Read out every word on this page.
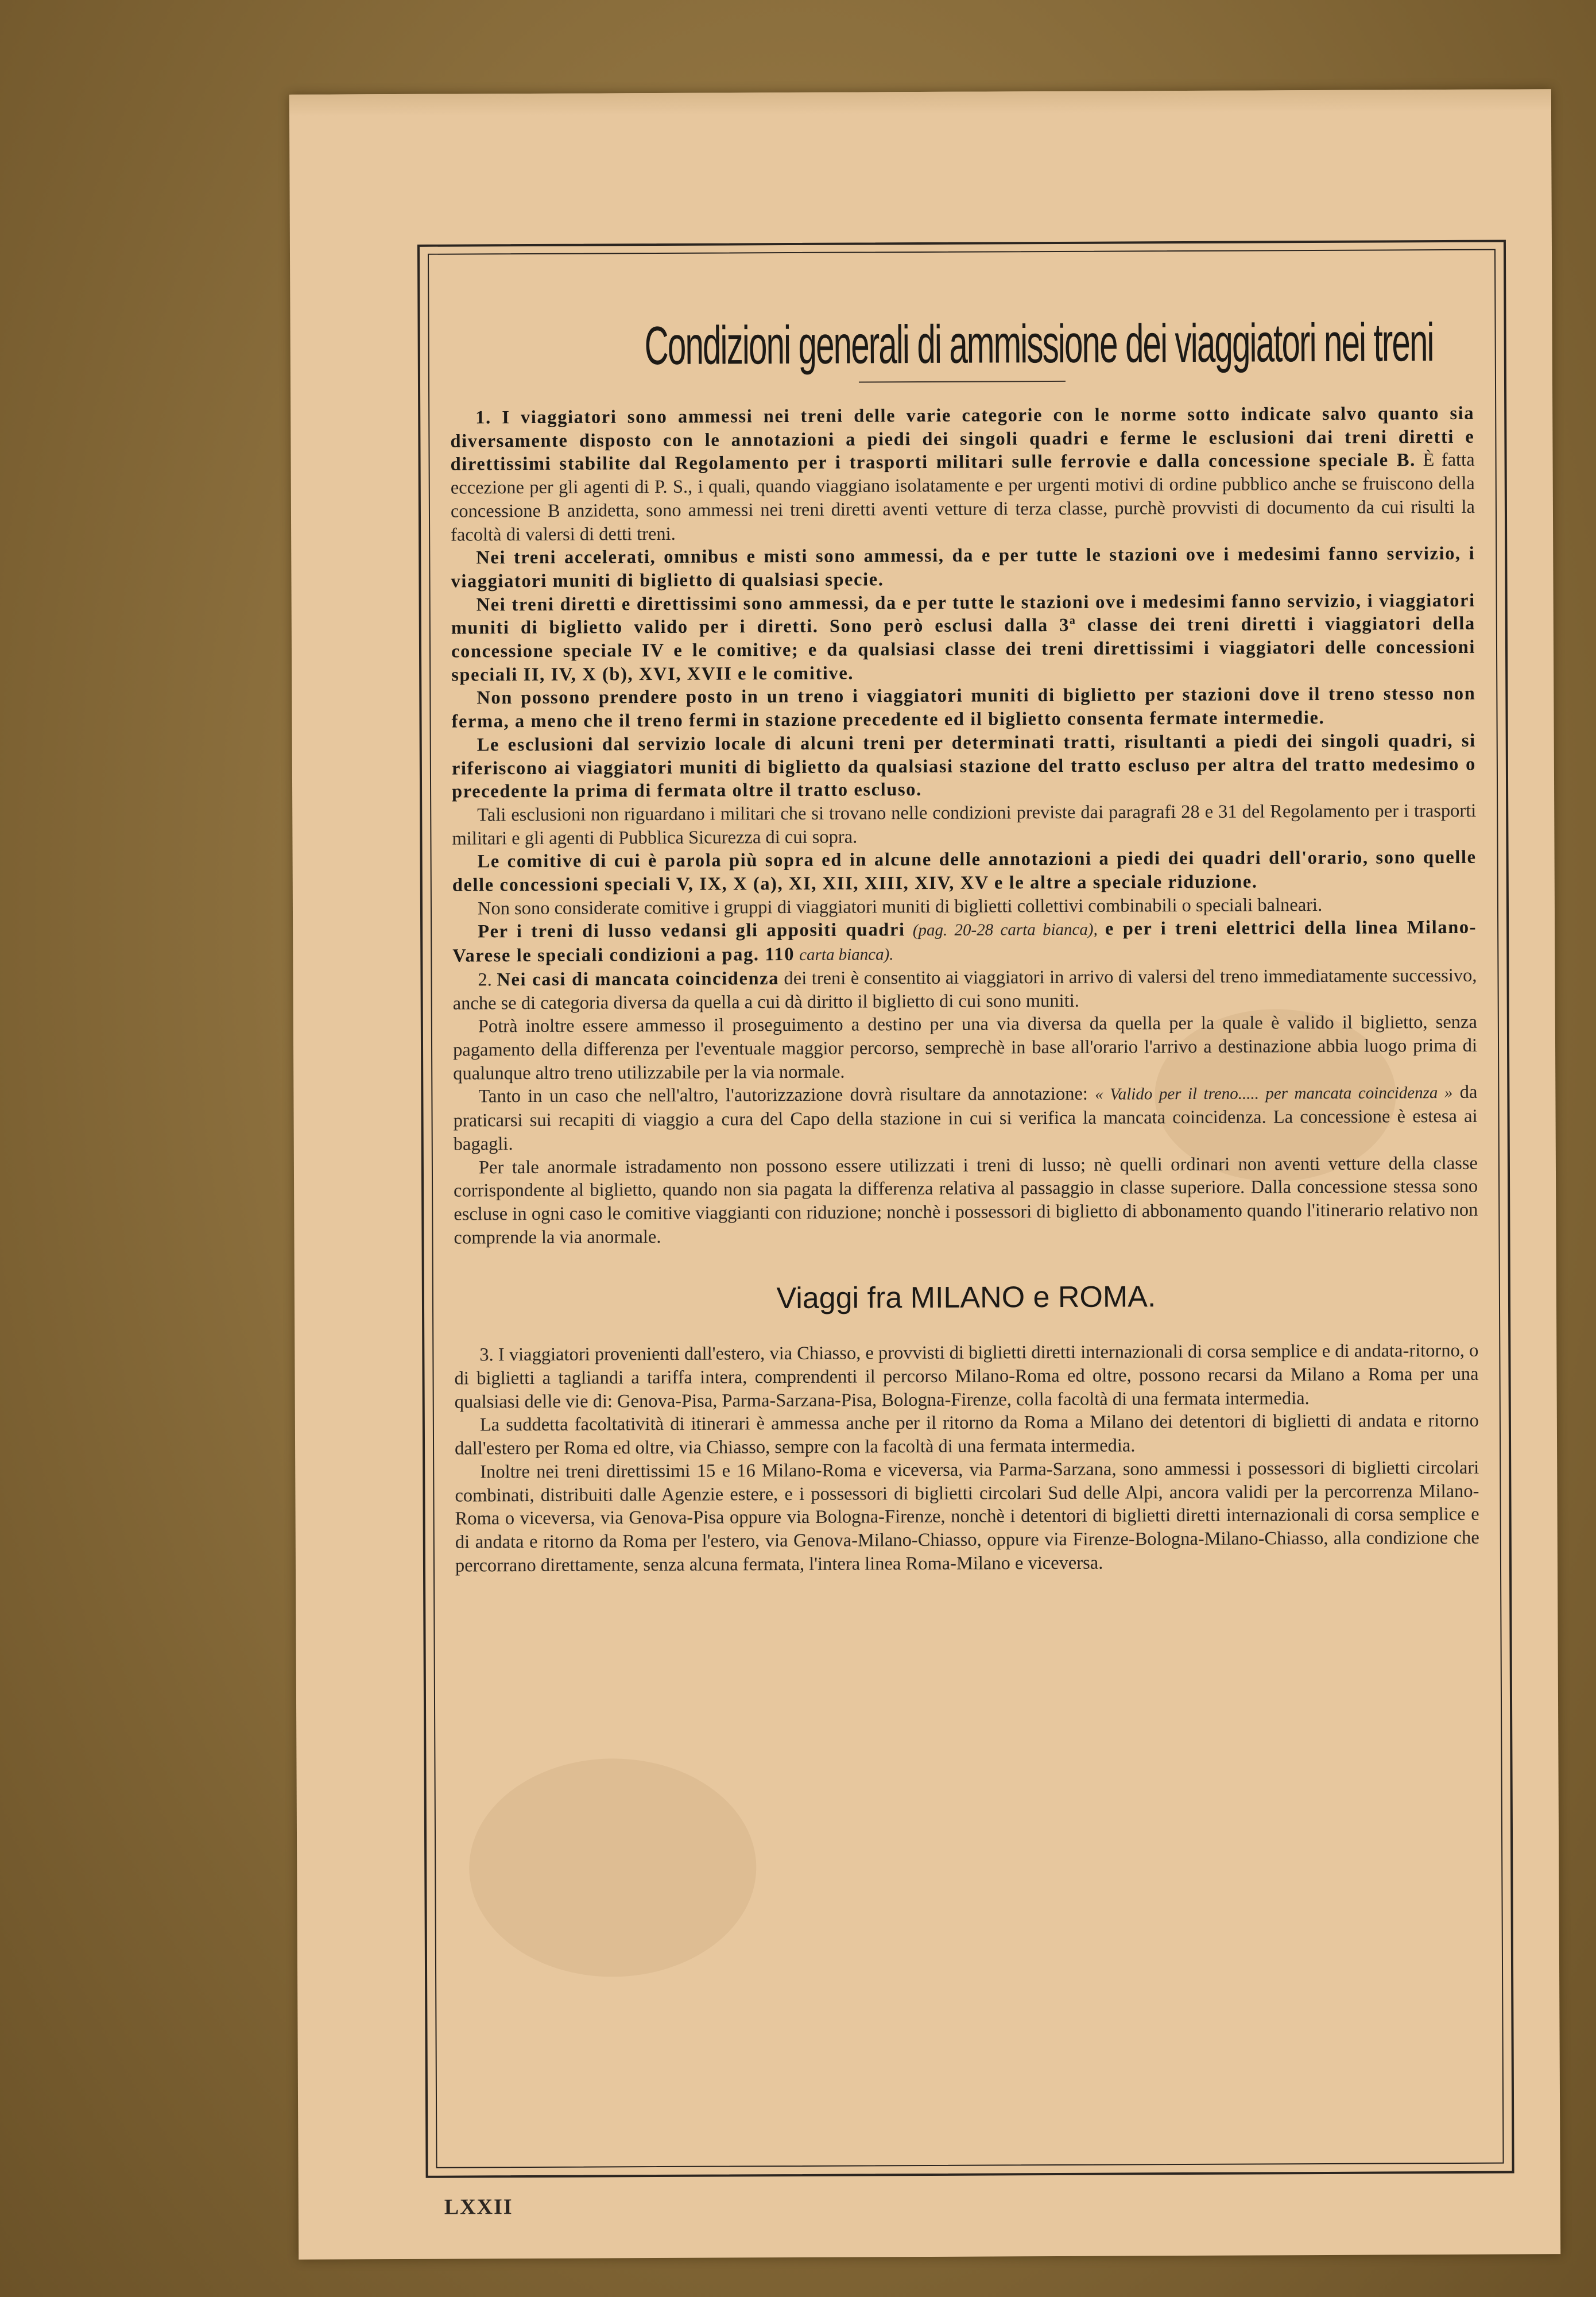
Condizioni generali di ammissione dei viaggiatori nei treni

1. I viaggiatori sono ammessi nei treni delle varie categorie con le norme sotto indicate salvo quanto sia diversamente disposto con le annotazioni a piedi dei singoli quadri e ferme le esclusioni dai treni diretti e direttissimi stabilite dal Regolamento per i trasporti militari sulle ferrovie e dalla concessione speciale B. È fatta eccezione per gli agenti di P. S., i quali, quando viaggiano isolatamente e per urgenti motivi di ordine pubblico anche se fruiscono della concessione B anzidetta, sono ammessi nei treni diretti aventi vetture di terza classe, purchè provvisti di documento da cui risulti la facoltà di valersi di detti treni.

Nei treni accelerati, omnibus e misti sono ammessi, da e per tutte le stazioni ove i medesimi fanno servizio, i viaggiatori muniti di biglietto di qualsiasi specie.

Nei treni diretti e direttissimi sono ammessi, da e per tutte le stazioni ove i medesimi fanno servizio, i viaggiatori muniti di biglietto valido per i diretti. Sono però esclusi dalla 3ª classe dei treni diretti i viaggiatori della concessione speciale IV e le comitive; e da qualsiasi classe dei treni direttissimi i viaggiatori delle concessioni speciali II, IV, X (b), XVI, XVII e le comitive.

Non possono prendere posto in un treno i viaggiatori muniti di biglietto per stazioni dove il treno stesso non ferma, a meno che il treno fermi in stazione precedente ed il biglietto consenta fermate intermedie.

Le esclusioni dal servizio locale di alcuni treni per determinati tratti, risultanti a piedi dei singoli quadri, si riferiscono ai viaggiatori muniti di biglietto da qualsiasi stazione del tratto escluso per altra del tratto medesimo o precedente la prima di fermata oltre il tratto escluso.

Tali esclusioni non riguardano i militari che si trovano nelle condizioni previste dai paragrafi 28 e 31 del Regolamento per i trasporti militari e gli agenti di Pubblica Sicurezza di cui sopra.

Le comitive di cui è parola più sopra ed in alcune delle annotazioni a piedi dei quadri dell'orario, sono quelle delle concessioni speciali V, IX, X (a), XI, XII, XIII, XIV, XV e le altre a speciale riduzione.

Non sono considerate comitive i gruppi di viaggiatori muniti di biglietti collettivi combinabili o speciali balneari.

Per i treni di lusso vedansi gli appositi quadri (pag. 20-28 carta bianca), e per i treni elettrici della linea Milano-Varese le speciali condizioni a pag. 110 carta bianca).

2. Nei casi di mancata coincidenza dei treni è consentito ai viaggiatori in arrivo di valersi del treno immediatamente successivo, anche se di categoria diversa da quella a cui dà diritto il biglietto di cui sono muniti.

Potrà inoltre essere ammesso il proseguimento a destino per una via diversa da quella per la quale è valido il biglietto, senza pagamento della differenza per l'eventuale maggior percorso, semprechè in base all'orario l'arrivo a destinazione abbia luogo prima di qualunque altro treno utilizzabile per la via normale.

Tanto in un caso che nell'altro, l'autorizzazione dovrà risultare da annotazione: « Valido per il treno..... per mancata coincidenza » da praticarsi sui recapiti di viaggio a cura del Capo della stazione in cui si verifica la mancata coincidenza. La concessione è estesa ai bagagli.

Per tale anormale istradamento non possono essere utilizzati i treni di lusso; nè quelli ordinari non aventi vetture della classe corrispondente al biglietto, quando non sia pagata la differenza relativa al passaggio in classe superiore. Dalla concessione stessa sono escluse in ogni caso le comitive viaggianti con riduzione; nonchè i possessori di biglietto di abbonamento quando l'itinerario relativo non comprende la via anormale.

Viaggi fra MILANO e ROMA.

3. I viaggiatori provenienti dall'estero, via Chiasso, e provvisti di biglietti diretti internazionali di corsa semplice e di andata-ritorno, o di biglietti a tagliandi a tariffa intera, comprendenti il percorso Milano-Roma ed oltre, possono recarsi da Milano a Roma per una qualsiasi delle vie di: Genova-Pisa, Parma-Sarzana-Pisa, Bologna-Firenze, colla facoltà di una fermata intermedia.

La suddetta facoltatività di itinerari è ammessa anche per il ritorno da Roma a Milano dei detentori di biglietti di andata e ritorno dall'estero per Roma ed oltre, via Chiasso, sempre con la facoltà di una fermata intermedia.

Inoltre nei treni direttissimi 15 e 16 Milano-Roma e viceversa, via Parma-Sarzana, sono ammessi i possessori di biglietti circolari combinati, distribuiti dalle Agenzie estere, e i possessori di biglietti circolari Sud delle Alpi, ancora validi per la percorrenza Milano-Roma o viceversa, via Genova-Pisa oppure via Bologna-Firenze, nonchè i detentori di biglietti diretti internazionali di corsa semplice e di andata e ritorno da Roma per l'estero, via Genova-Milano-Chiasso, oppure via Firenze-Bologna-Milano-Chiasso, alla condizione che percorrano direttamente, senza alcuna fermata, l'intera linea Roma-Milano e viceversa.

LXXII
